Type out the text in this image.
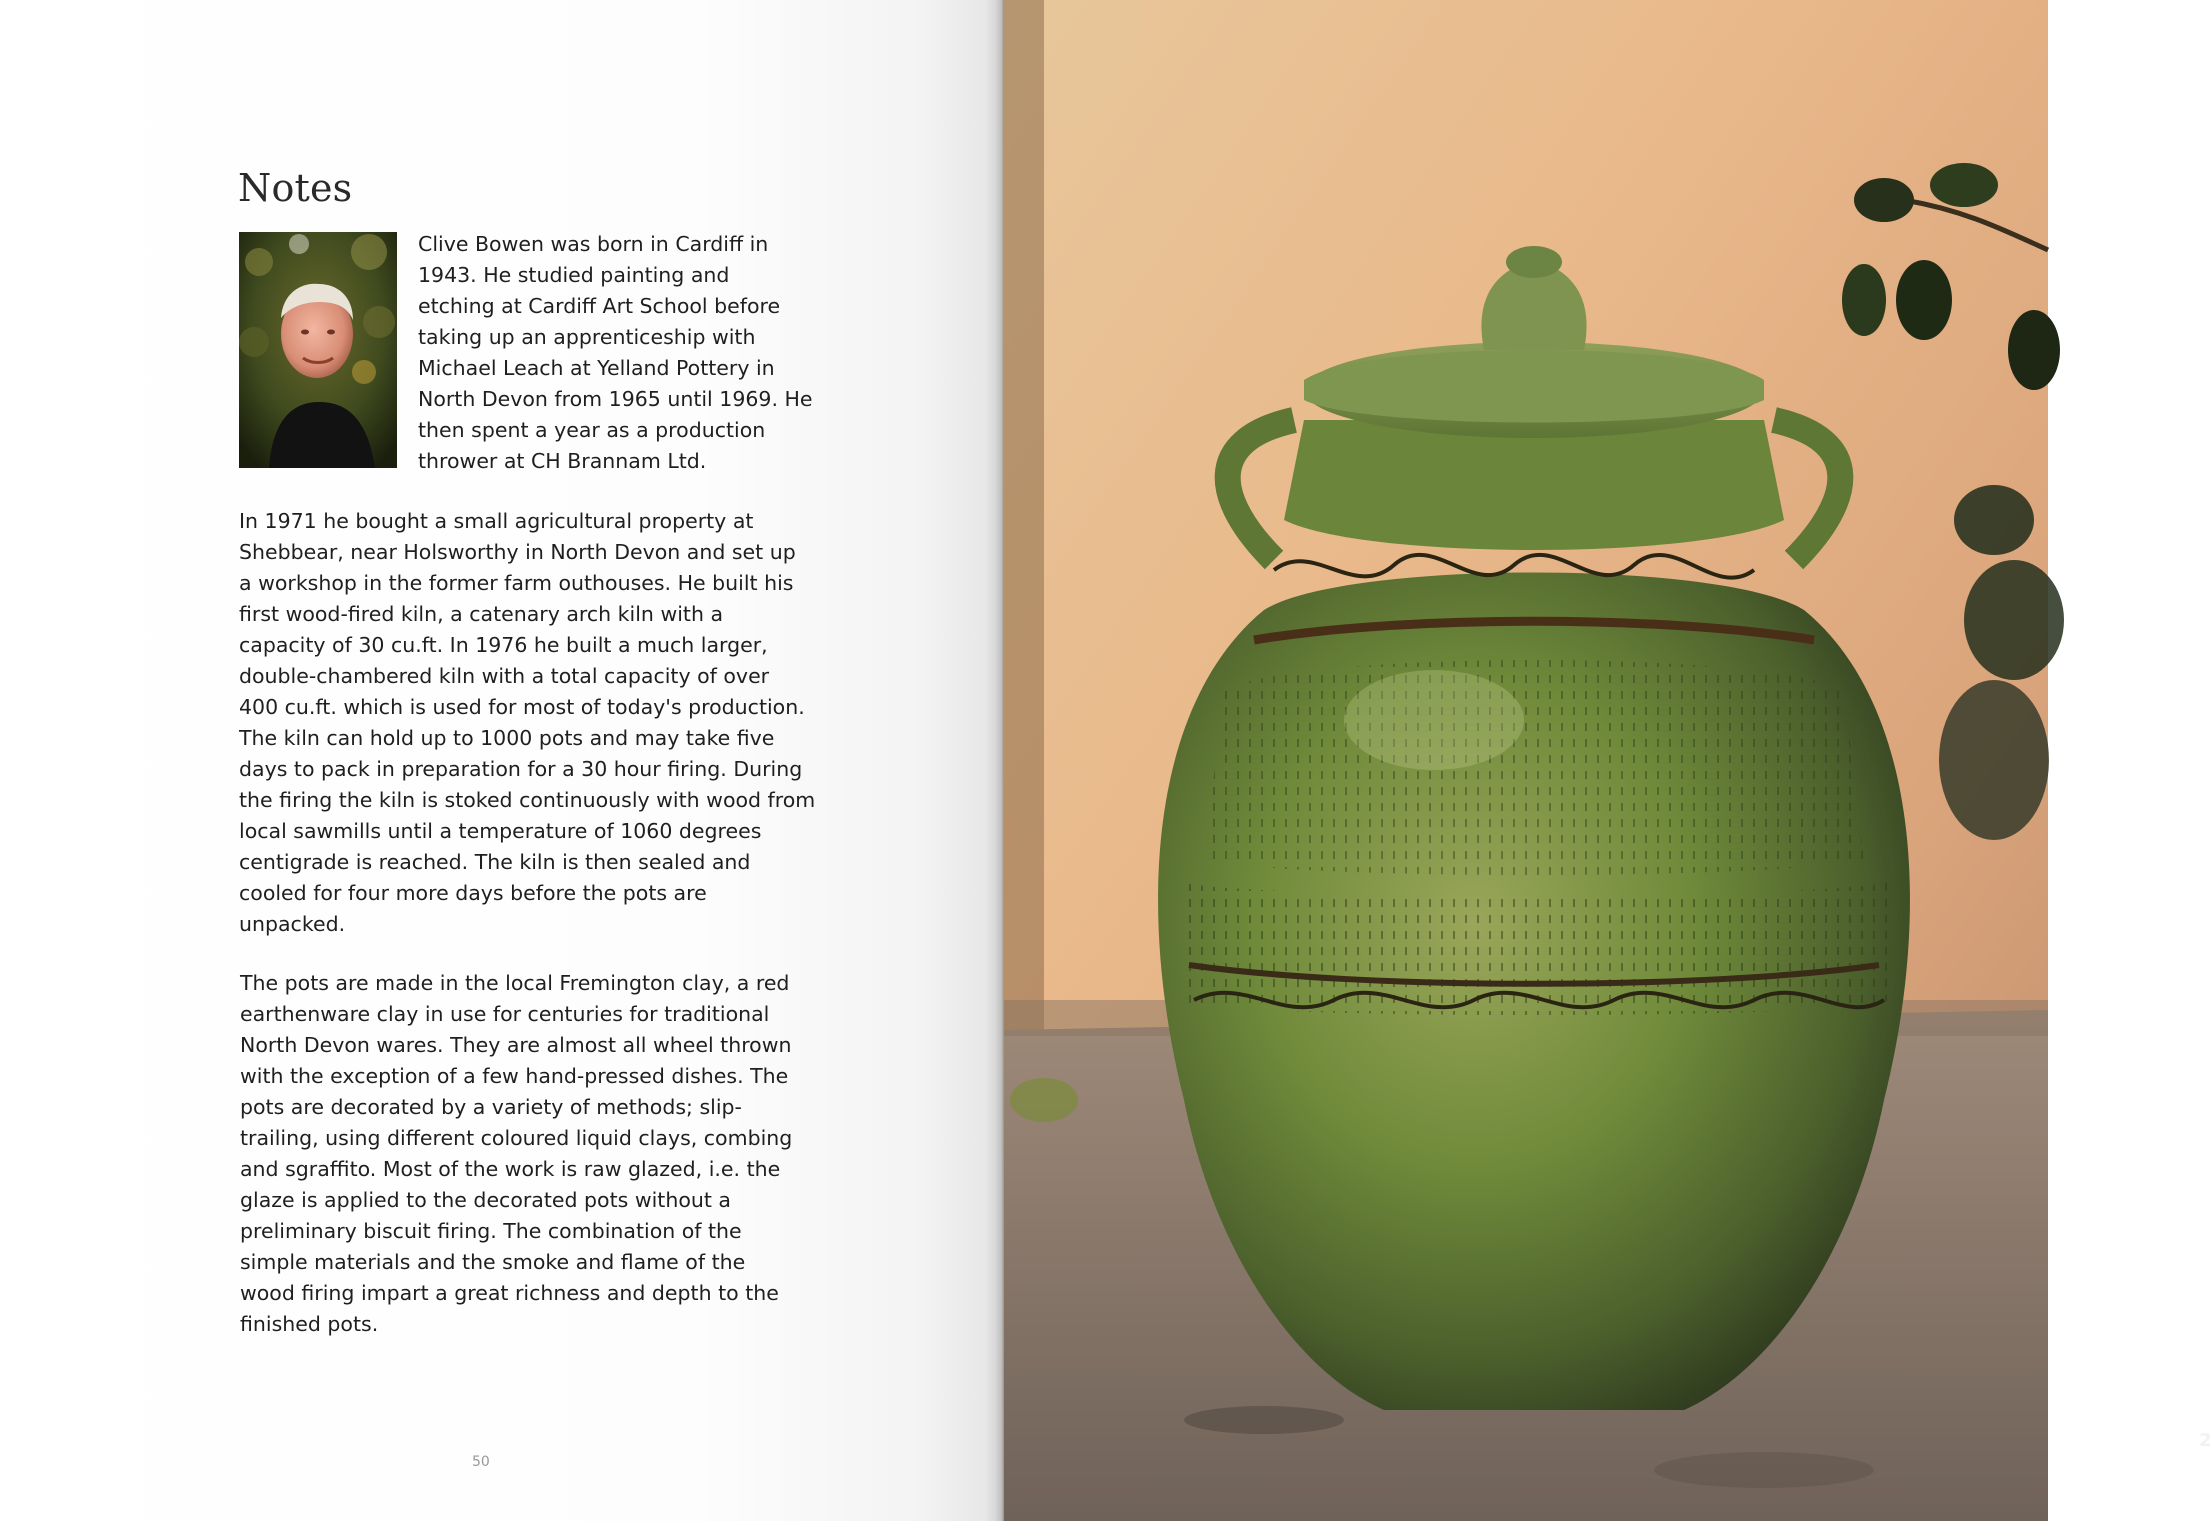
Notes

Clive Bowen was born in Cardiff in
1943. He studied painting and
etching at Cardiff Art School before
taking up an apprenticeship with
Michael Leach at Yelland Pottery in
North Devon from 1965 until 1969. He
then spent a year as a production
thrower at CH Brannam Ltd.

In 1971 he bought a small agricultural property at
Shebbear, near Holsworthy in North Devon and set up
a workshop in the former farm outhouses. He built his
first wood-fired kiln, a catenary arch kiln with a
capacity of 30 cu.ft. In 1976 he built a much larger,
double-chambered kiln with a total capacity of over
400 cu.ft. which is used for most of today's production.
The kiln can hold up to 1000 pots and may take five
days to pack in preparation for a 30 hour firing. During
the firing the kiln is stoked continuously with wood from
local sawmills until a temperature of 1060 degrees
centigrade is reached. The kiln is then sealed and
cooled for four more days before the pots are
unpacked.

The pots are made in the local Fremington clay, a red
earthenware clay in use for centuries for traditional
North Devon wares. They are almost all wheel thrown
with the exception of a few hand-pressed dishes. The
pots are decorated by a variety of methods; slip-
trailing, using different coloured liquid clays, combing
and sgraffito. Most of the work is raw glazed, i.e. the
glaze is applied to the decorated pots without a
preliminary biscuit firing. The combination of the
simple materials and the smoke and flame of the
wood firing impart a great richness and depth to the
finished pots.

50
2
